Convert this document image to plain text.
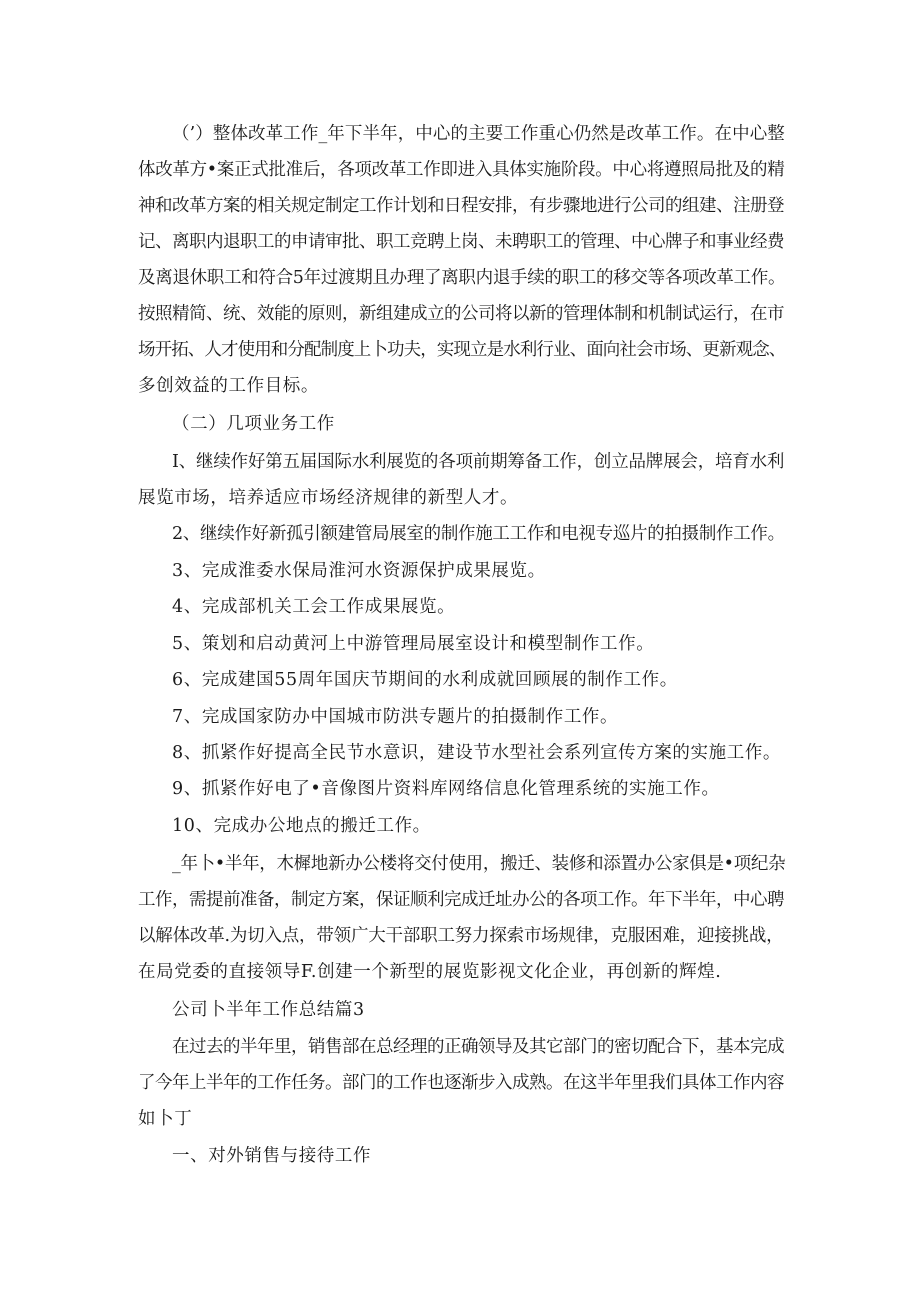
（’）整体改革工作_年下半年，中心的主要工作重心仍然是改革工作。在中心整
体改革方•案正式批准后，各项改革工作即进入具体实施阶段。中心将遵照局批及的精
神和改革方案的相关规定制定工作计划和日程安排，有步骤地进行公司的组建、注册登
记、离职内退职工的申请审批、职工竞聘上岗、未聘职工的管理、中心牌子和事业经费
及离退休职工和符合5年过渡期且办理了离职内退手续的职工的移交等各项改革工作。
按照精简、统、效能的原则，新组建成立的公司将以新的管理体制和机制试运行，在市
场开拓、人才使用和分配制度上卜功夫，实现立是水利行业、面向社会市场、更新观念、
多创效益的工作目标。
（二）几项业务工作
I、继续作好第五届国际水利展览的各项前期筹备工作，创立品牌展会，培育水利
展览市场，培养适应市场经济规律的新型人才。
2、继续作好新孤引额建管局展室的制作施工工作和电视专巡片的拍摄制作工作。
3、完成淮委水保局淮河水资源保护成果展览。
4、完成部机关工会工作成果展览。
5、策划和启动黄河上中游管理局展室设计和模型制作工作。
6、完成建国55周年国庆节期间的水利成就回顾展的制作工作。
7、完成国家防办中国城市防洪专题片的拍摄制作工作。
8、抓紧作好提高全民节水意识，建设节水型社会系列宣传方案的实施工作。
9、抓紧作好电了•音像图片资料库网络信息化管理系统的实施工作。
10、完成办公地点的搬迁工作。
_年卜•半年，木樨地新办公楼将交付使用，搬迁、装修和添置办公家俱是•项纪杂
工作，需提前准备，制定方案，保证顺利完成迁址办公的各项工作。年下半年，中心聘
以解体改革.为切入点，带领广大干部职工努力探索市场规律，克服困难，迎接挑战，
在局党委的直接领导F.创建一个新型的展览影视文化企业，再创新的辉煌.
公司卜半年工作总结篇3
在过去的半年里，销售部在总经理的正确领导及其它部门的密切配合下，基本完成
了今年上半年的工作任务。部门的工作也逐渐步入成熟。在这半年里我们具体工作内容
如卜丁
一、对外销售与接待工作
